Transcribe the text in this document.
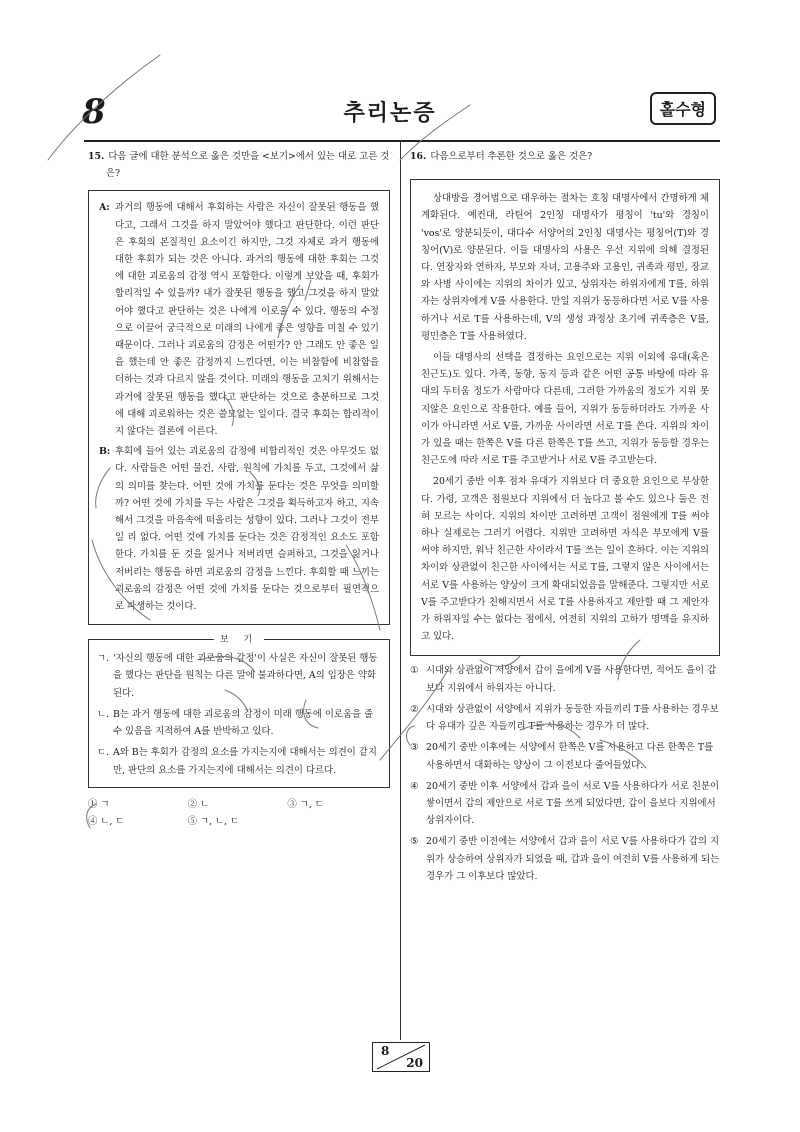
8	추리논증	홀수형
15. 다음 글에 대한 분석으로 옳은 것만을 <보기>에서 있는 대로 고른 것은?
A: 과거의 행동에 대해서 후회하는 사람은 자신이 잘못된 행동을 했다고, 그래서 그것을 하지 말았어야 했다고 판단한다. 이런 판단은 후회의 본질적인 요소이긴 하지만, 그것 자체로 과거 행동에 대한 후회가 되는 것은 아니다. 과거의 행동에 대한 후회는 그것에 대한 괴로움의 감정 역시 포함한다. 이렇게 보았을 때, 후회가 합리적일 수 있을까? 내가 잘못된 행동을 했고 그것을 하지 말았어야 했다고 판단하는 것은 나에게 이로울 수 있다. 행동의 수정으로 이끌어 궁극적으로 미래의 나에게 좋은 영향을 미칠 수 있기 때문이다. 그러나 괴로움의 감정은 어떤가? 안 그래도 안 좋은 일을 했는데 안 좋은 감정까지 느낀다면, 이는 비참함에 비참함을 더하는 것과 다르지 않을 것이다. 미래의 행동을 고치기 위해서는 과거에 잘못된 행동을 했다고 판단하는 것으로 충분하므로 그것에 대해 괴로워하는 것은 쓸모없는 일이다. 결국 후회는 합리적이지 않다는 결론에 이른다.
B: 후회에 들어 있는 괴로움의 감정에 비합리적인 것은 아무것도 없다. 사람들은 어떤 물건, 사람, 원칙에 가치를 두고, 그것에서 삶의 의미를 찾는다. 어떤 것에 가치를 둔다는 것은 무엇을 의미할까? 어떤 것에 가치를 두는 사람은 그것을 획득하고자 하고, 지속해서 그것을 마음속에 떠올리는 성향이 있다. 그러나 그것이 전부일 리 없다. 어떤 것에 가치를 둔다는 것은 감정적인 요소도 포함한다. 가치를 둔 것을 잃거나 저버리면 슬퍼하고, 그것을 잃거나 저버리는 행동을 하면 괴로움의 감정을 느낀다. 후회할 때 느끼는 괴로움의 감정은 어떤 것에 가치를 둔다는 것으로부터 필연적으로 파생하는 것이다.
보 기
ㄱ. '자신의 행동에 대한 괴로움의 감정'이 사실은 자신이 잘못된 행동을 했다는 판단을 원칙는 다른 말에 불과하다면, A의 입장은 약화된다.
ㄴ. B는 과거 행동에 대한 괴로움의 감정이 미래 행동에 이로움을 줄 수 있음을 지적하여 A를 반박하고 있다.
ㄷ. A와 B는 후회가 감정의 요소를 가지는지에 대해서는 의견이 같지만, 판단의 요소를 가지는지에 대해서는 의견이 다르다.
① ㄱ	② ㄴ	③ ㄱ, ㄷ
④ ㄴ, ㄷ	⑤ ㄱ, ㄴ, ㄷ
16. 다음으로부터 추론한 것으로 옳은 것은?

상대방을 경어법으로 대우하는 절차는 호칭 대명사에서 간명하게 체계화된다. 예컨대, 라틴어 2인칭 대명사가 평칭이 'tu'와 경칭이 'vos'로 양분되듯이, 대다수 서양어의 2인칭 대명사는 평칭어(T)와 경칭어(V)로 양분된다. 이들 대명사의 사용은 우선 지위에 의해 결정된다. 연장자와 연하자, 부모와 자녀, 고용주와 고용인, 귀족과 평민, 장교와 사병 사이에는 지위의 차이가 있고, 상위자는 하위자에게 T를, 하위자는 상위자에게 V를 사용한다. 만일 지위가 동등하다면 서로 V를 사용하거나 서로 T를 사용하는데, V의 생성 과정상 초기에 귀족층은 V를, 평민층은 T를 사용하였다.

이들 대명사의 선택을 결정하는 요인으로는 지위 이외에 유대(혹은 친근도)도 있다. 가족, 동향, 동지 등과 같은 어떤 공통 바탕에 따라 유대의 두터움 정도가 사람마다 다른데, 그러한 가까움의 정도가 지위 못지않은 요인으로 작용한다. 예를 들어, 지위가 동등하더라도 가까운 사이가 아니라면 서로 V를, 가까운 사이라면 서로 T를 쓴다. 지위의 차이가 있을 때는 한쪽은 V를 다른 한쪽은 T를 쓰고, 지위가 동등할 경우는 친근도에 따라 서로 T를 주고받거나 서로 V를 주고받는다.

20세기 중반 이후 점차 유대가 지위보다 더 중요한 요인으로 부상한다. 가령, 고객은 점원보다 지위에서 더 높다고 볼 수도 있으나 둘은 전혀 모르는 사이다. 지위의 차이만 고려하면 고객이 점원에게 T를 써야 하나 실제로는 그러기 어렵다. 지위만 고려하면 자식은 부모에게 V를 써야 하지만, 워낙 친근한 사이라서 T를 쓰는 일이 흔하다. 이는 지위의 차이와 상관없이 친근한 사이에서는 서로 T를, 그렇지 않은 사이에서는 서로 V를 사용하는 양상이 크게 확대되었음을 말해준다. 그렇지만 서로 V를 주고받다가 친해지면서 서로 T를 사용하자고 제안할 때 그 제안자가 하위자일 수는 없다는 점에서, 여전히 지위의 고하가 명맥을 유지하고 있다.

① 시대와 상관없이 서양에서 갑이 을에게 V를 사용한다면, 적어도 을이 갑보다 지위에서 하위자는 아니다.
② 시대와 상관없이 서양에서 지위가 동등한 자들끼리 T를 사용하는 경우보다 유대가 깊은 자들끼리 T를 사용하는 경우가 더 많다.
③ 20세기 중반 이후에는 서양에서 한쪽은 V를 사용하고 다른 한쪽은 T를 사용하면서 대화하는 양상이 그 이전보다 줄어들었다.
④ 20세기 중반 이후 서양에서 갑과 을이 서로 V를 사용하다가 서로 친분이 쌓이면서 갑의 제안으로 서로 T를 쓰게 되었다면, 갑이 을보다 지위에서 상위자이다.
⑤ 20세기 중반 이전에는 서양에서 갑과 을이 서로 V를 사용하다가 갑의 지위가 상승하여 상위자가 되었을 때, 갑과 을이 여전히 V를 사용하게 되는 경우가 그 이후보다 많았다.
8
20
